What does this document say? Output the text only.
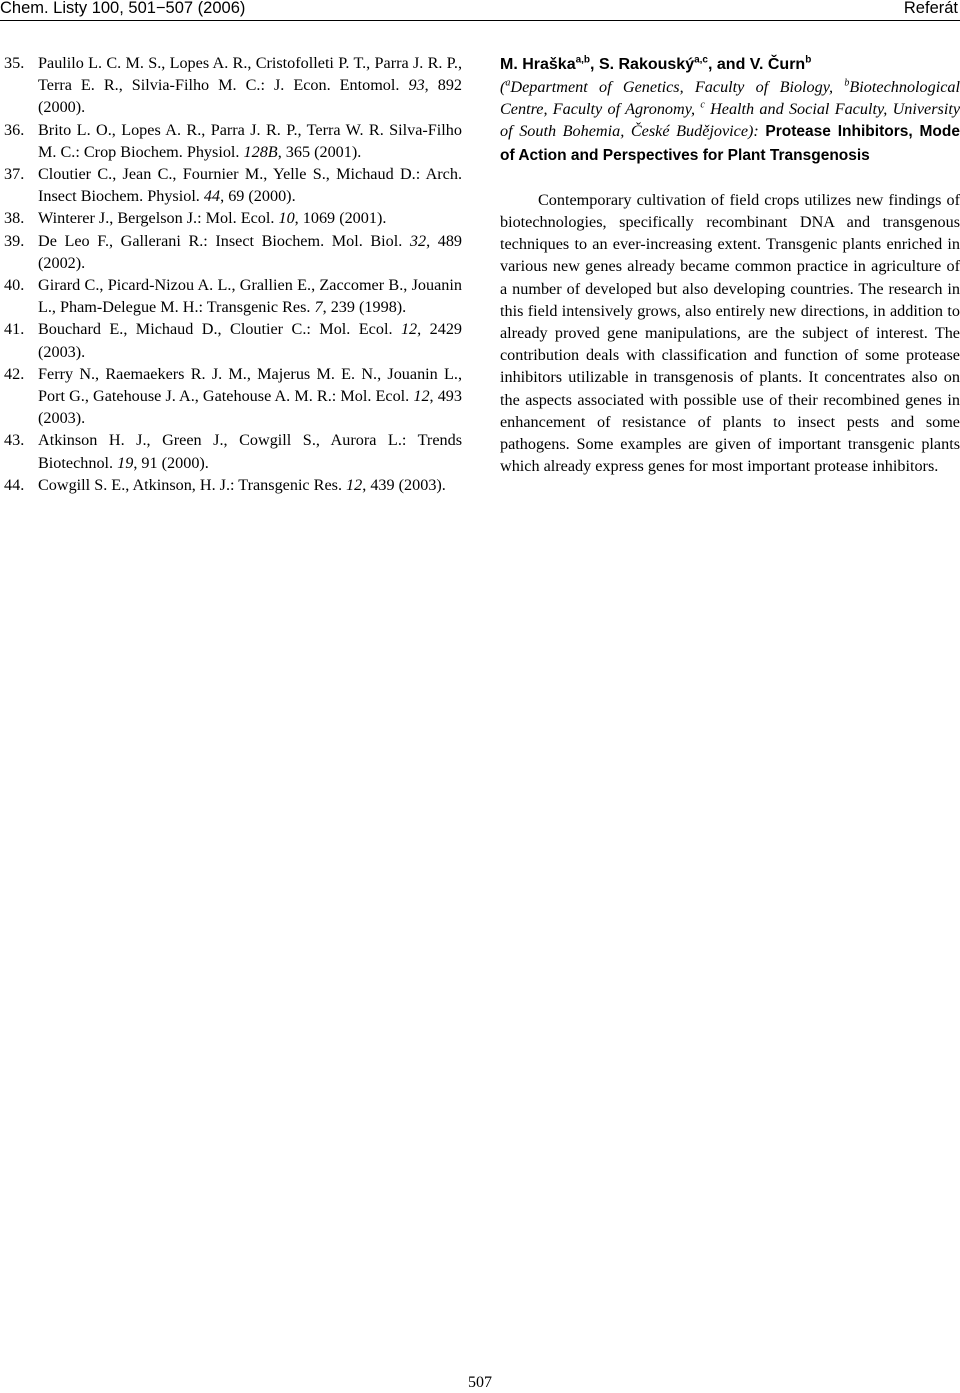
Chem. Listy 100, 501−507 (2006)	Referát
35. Paulilo L. C. M. S., Lopes A. R., Cristofolleti P. T., Parra J. R. P., Terra E. R., Silvia-Filho M. C.: J. Econ. Entomol. 93, 892 (2000).
36. Brito L. O., Lopes A. R., Parra J. R. P., Terra W. R. Silva-Filho M. C.: Crop Biochem. Physiol. 128B, 365 (2001).
37. Cloutier C., Jean C., Fournier M., Yelle S., Michaud D.: Arch. Insect Biochem. Physiol. 44, 69 (2000).
38. Winterer J., Bergelson J.: Mol. Ecol. 10, 1069 (2001).
39. De Leo F., Gallerani R.: Insect Biochem. Mol. Biol. 32, 489 (2002).
40. Girard C., Picard-Nizou A. L., Grallien E., Zaccomer B., Jouanin L., Pham-Delegue M. H.: Transgenic Res. 7, 239 (1998).
41. Bouchard E., Michaud D., Cloutier C.: Mol. Ecol. 12, 2429 (2003).
42. Ferry N., Raemaekers R. J. M., Majerus M. E. N., Jouanin L., Port G., Gatehouse J. A., Gatehouse A. M. R.: Mol. Ecol. 12, 493 (2003).
43. Atkinson H. J., Green J., Cowgill S., Aurora L.: Trends Biotechnol. 19, 91 (2000).
44. Cowgill S. E., Atkinson, H. J.: Transgenic Res. 12, 439 (2003).

M. Hraška$^{a,b}$, S. Rakouský$^{a,c}$, and V. Čurn$^b$

($^a$Department of Genetics, Faculty of Biology, $^b$Biotechnological Centre, Faculty of Agronomy, $^c$ Health and Social Faculty, University of South Bohemia, České Budějovice): Protease Inhibitors, Mode of Action and Perspectives for Plant Transgenosis

Contemporary cultivation of field crops utilizes new findings of biotechnologies, specifically recombinant DNA and transgenous techniques to an ever-increasing extent. Transgenic plants enriched in various new genes already became common practice in agriculture of a number of developed but also developing countries. The research in this field intensively grows, also entirely new directions, in addition to already proved gene manipulations, are the subject of interest. The contribution deals with classification and function of some protease inhibitors utilizable in transgenosis of plants. It concentrates also on the aspects associated with possible use of their recombined genes in enhancement of resistance of plants to insect pests and some pathogens. Some examples are given of important transgenic plants which already express genes for most important protease inhibitors.

507
